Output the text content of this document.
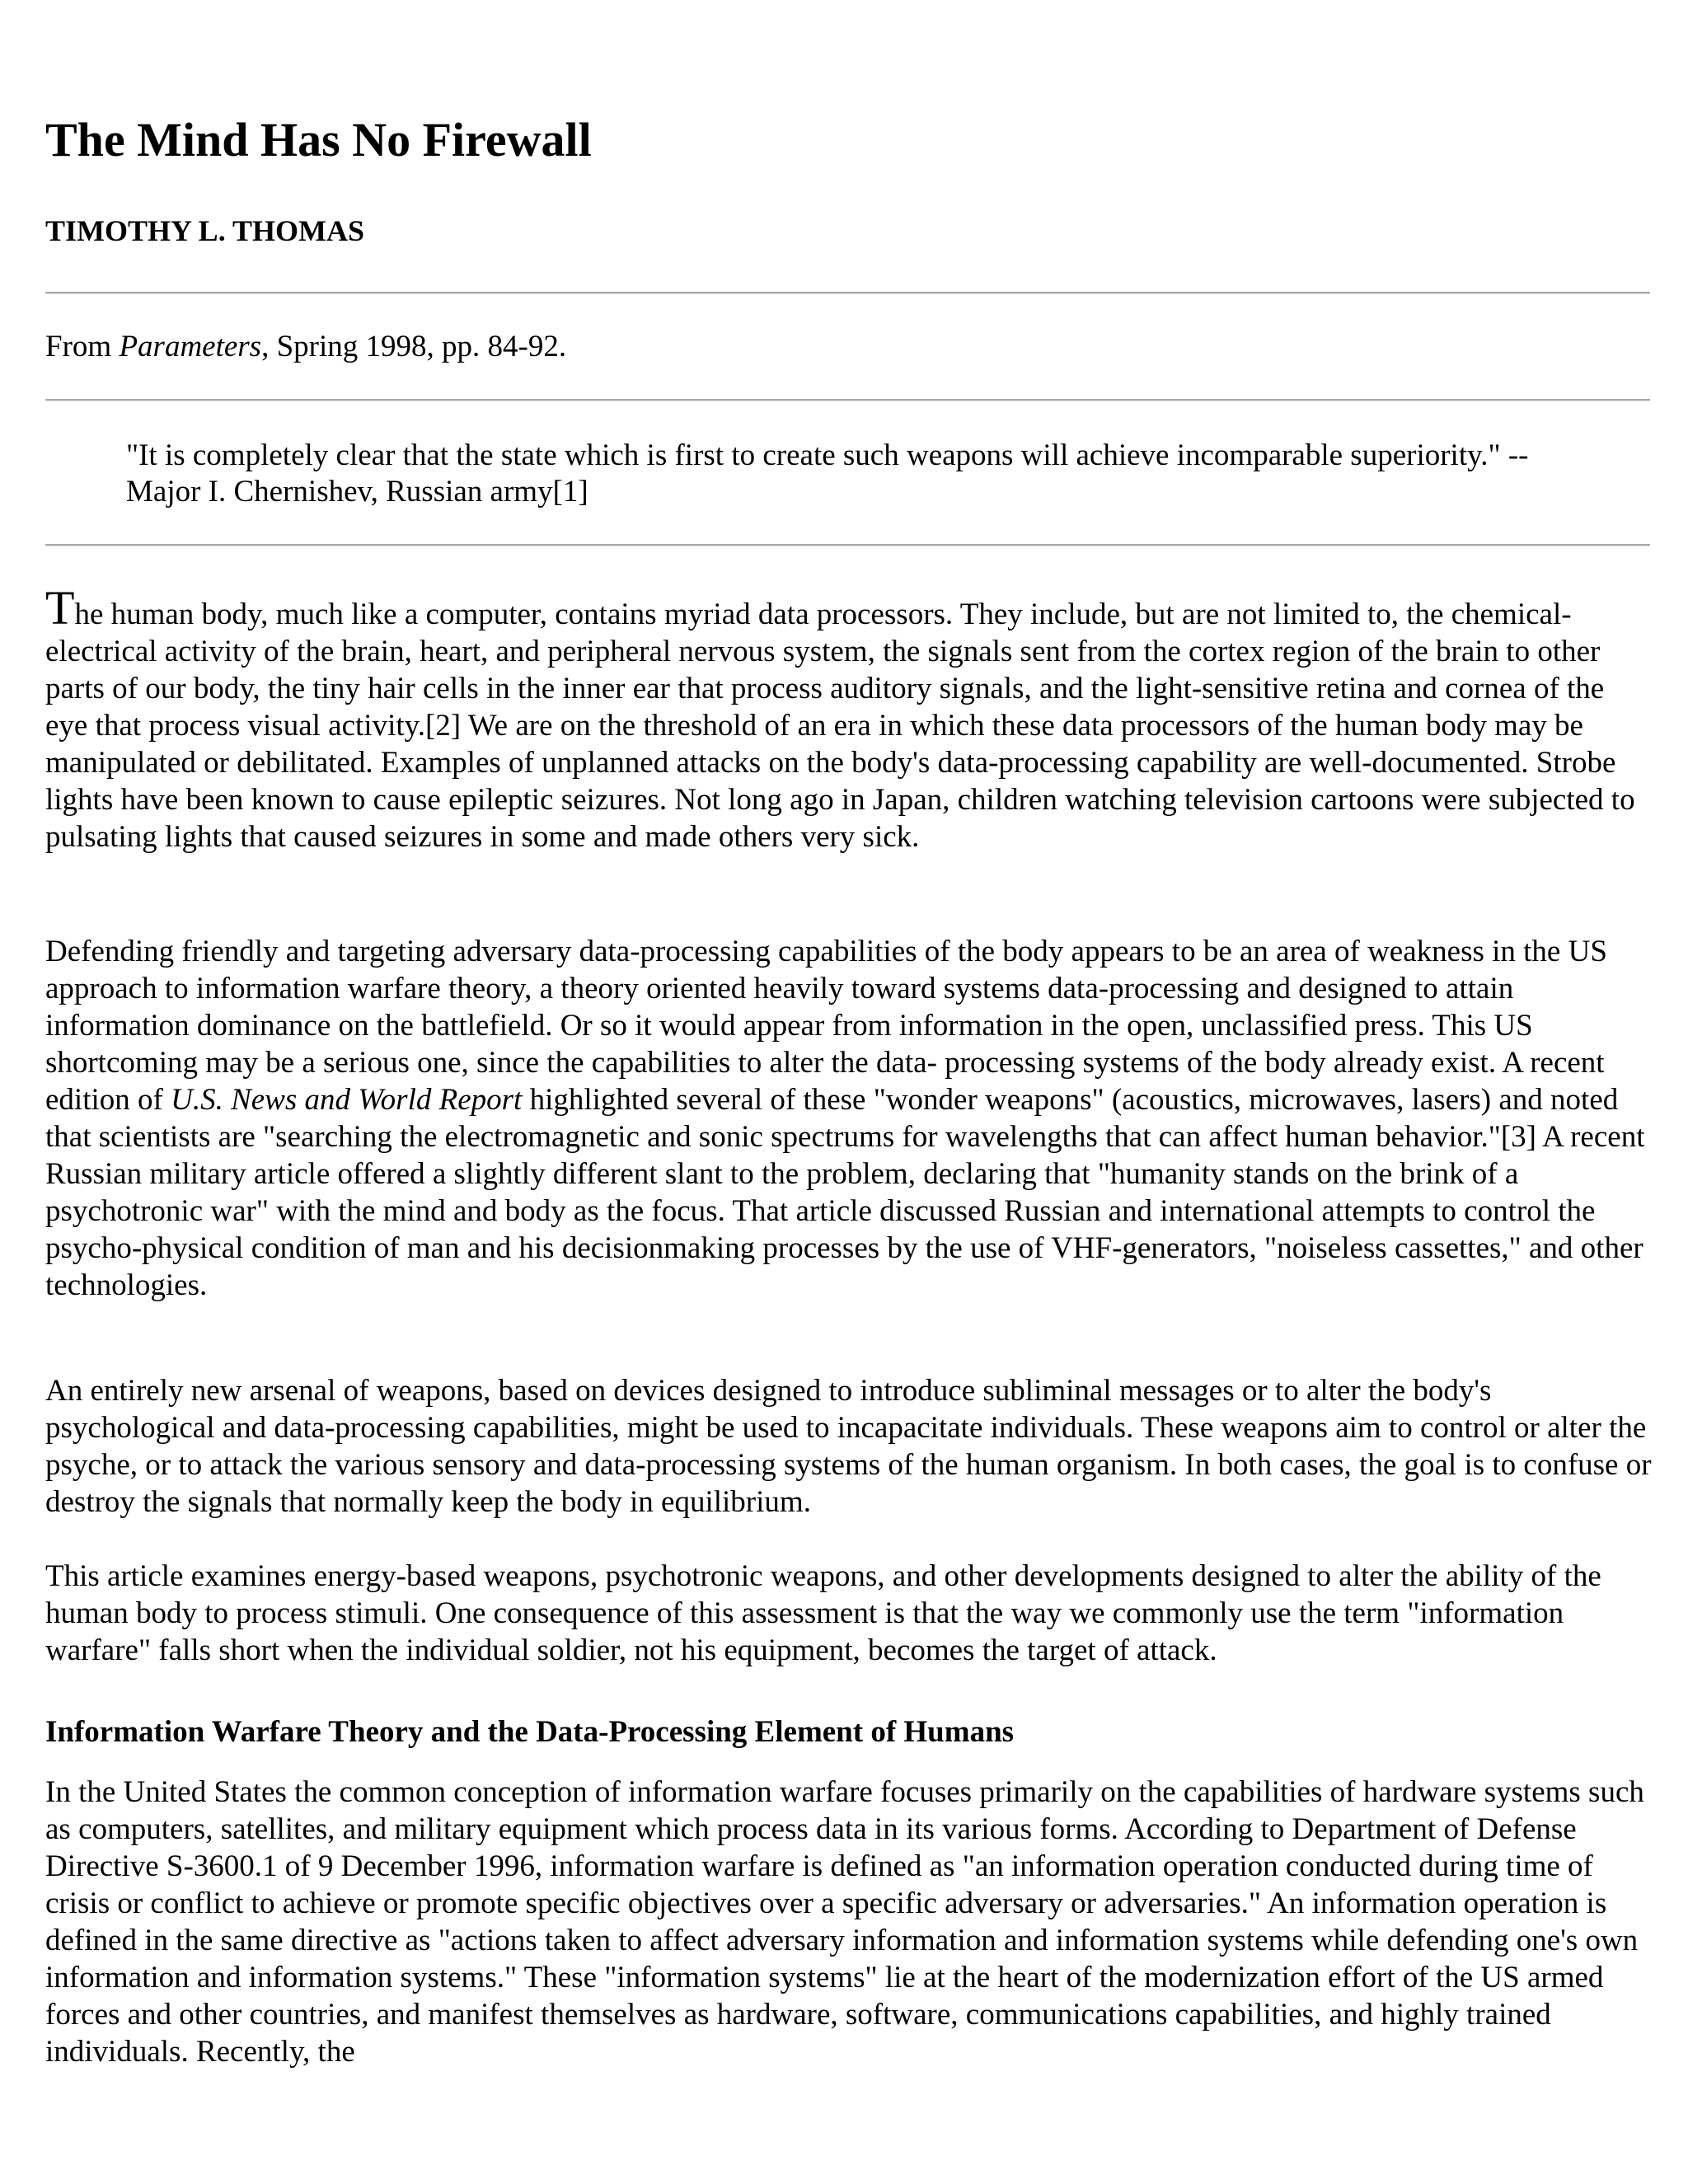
The Mind Has No Firewall

TIMOTHY L. THOMAS

From Parameters, Spring 1998, pp. 84-92.

"It is completely clear that the state which is first to create such weapons will achieve incomparable superiority." -- Major I. Chernishev, Russian army[1]

The human body, much like a computer, contains myriad data processors. They include, but are not limited to, the chemical-electrical activity of the brain, heart, and peripheral nervous system, the signals sent from the cortex region of the brain to other parts of our body, the tiny hair cells in the inner ear that process auditory signals, and the light-sensitive retina and cornea of the eye that process visual activity.[2] We are on the threshold of an era in which these data processors of the human body may be manipulated or debilitated. Examples of unplanned attacks on the body's data-processing capability are well-documented. Strobe lights have been known to cause epileptic seizures. Not long ago in Japan, children watching television cartoons were subjected to pulsating lights that caused seizures in some and made others very sick.

Defending friendly and targeting adversary data-processing capabilities of the body appears to be an area of weakness in the US approach to information warfare theory, a theory oriented heavily toward systems data-processing and designed to attain information dominance on the battlefield. Or so it would appear from information in the open, unclassified press. This US shortcoming may be a serious one, since the capabilities to alter the data- processing systems of the body already exist. A recent edition of U.S. News and World Report highlighted several of these "wonder weapons" (acoustics, microwaves, lasers) and noted that scientists are "searching the electromagnetic and sonic spectrums for wavelengths that can affect human behavior."[3] A recent Russian military article offered a slightly different slant to the problem, declaring that "humanity stands on the brink of a psychotronic war" with the mind and body as the focus. That article discussed Russian and international attempts to control the psycho-physical condition of man and his decisionmaking processes by the use of VHF-generators, "noiseless cassettes," and other technologies.

An entirely new arsenal of weapons, based on devices designed to introduce subliminal messages or to alter the body's psychological and data-processing capabilities, might be used to incapacitate individuals. These weapons aim to control or alter the psyche, or to attack the various sensory and data-processing systems of the human organism. In both cases, the goal is to confuse or destroy the signals that normally keep the body in equilibrium.

This article examines energy-based weapons, psychotronic weapons, and other developments designed to alter the ability of the human body to process stimuli. One consequence of this assessment is that the way we commonly use the term "information warfare" falls short when the individual soldier, not his equipment, becomes the target of attack.

Information Warfare Theory and the Data-Processing Element of Humans

In the United States the common conception of information warfare focuses primarily on the capabilities of hardware systems such as computers, satellites, and military equipment which process data in its various forms. According to Department of Defense Directive S-3600.1 of 9 December 1996, information warfare is defined as "an information operation conducted during time of crisis or conflict to achieve or promote specific objectives over a specific adversary or adversaries." An information operation is defined in the same directive as "actions taken to affect adversary information and information systems while defending one's own information and information systems." These "information systems" lie at the heart of the modernization effort of the US armed forces and other countries, and manifest themselves as hardware, software, communications capabilities, and highly trained individuals. Recently, the
